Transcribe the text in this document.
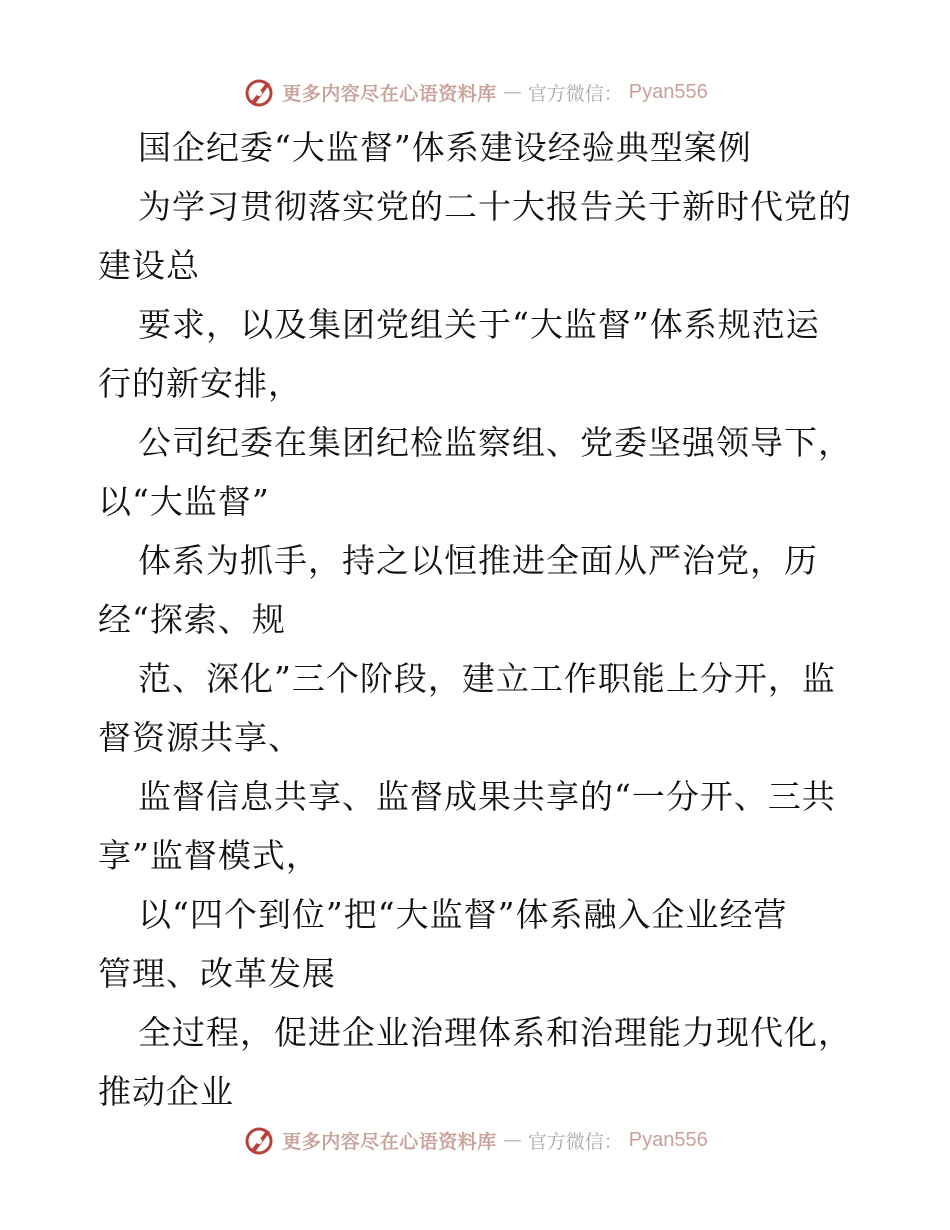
更多内容尽在心语资料库 — 官方微信： Pyan556
国企纪委“大监督”体系建设经验典型案例
为学习贯彻落实党的二十大报告关于新时代党的
建设总
要求，以及集团党组关于“大监督”体系规范运
行的新安排，
公司纪委在集团纪检监察组、党委坚强领导下，
以“大监督”
体系为抓手，持之以恒推进全面从严治党，历
经“探索、规
范、深化”三个阶段，建立工作职能上分开，监
督资源共享、
监督信息共享、监督成果共享的“一分开、三共
享”监督模式，
以“四个到位”把“大监督”体系融入企业经营
管理、改革发展
全过程，促进企业治理体系和治理能力现代化，
推动企业
更多内容尽在心语资料库 — 官方微信： Pyan556
